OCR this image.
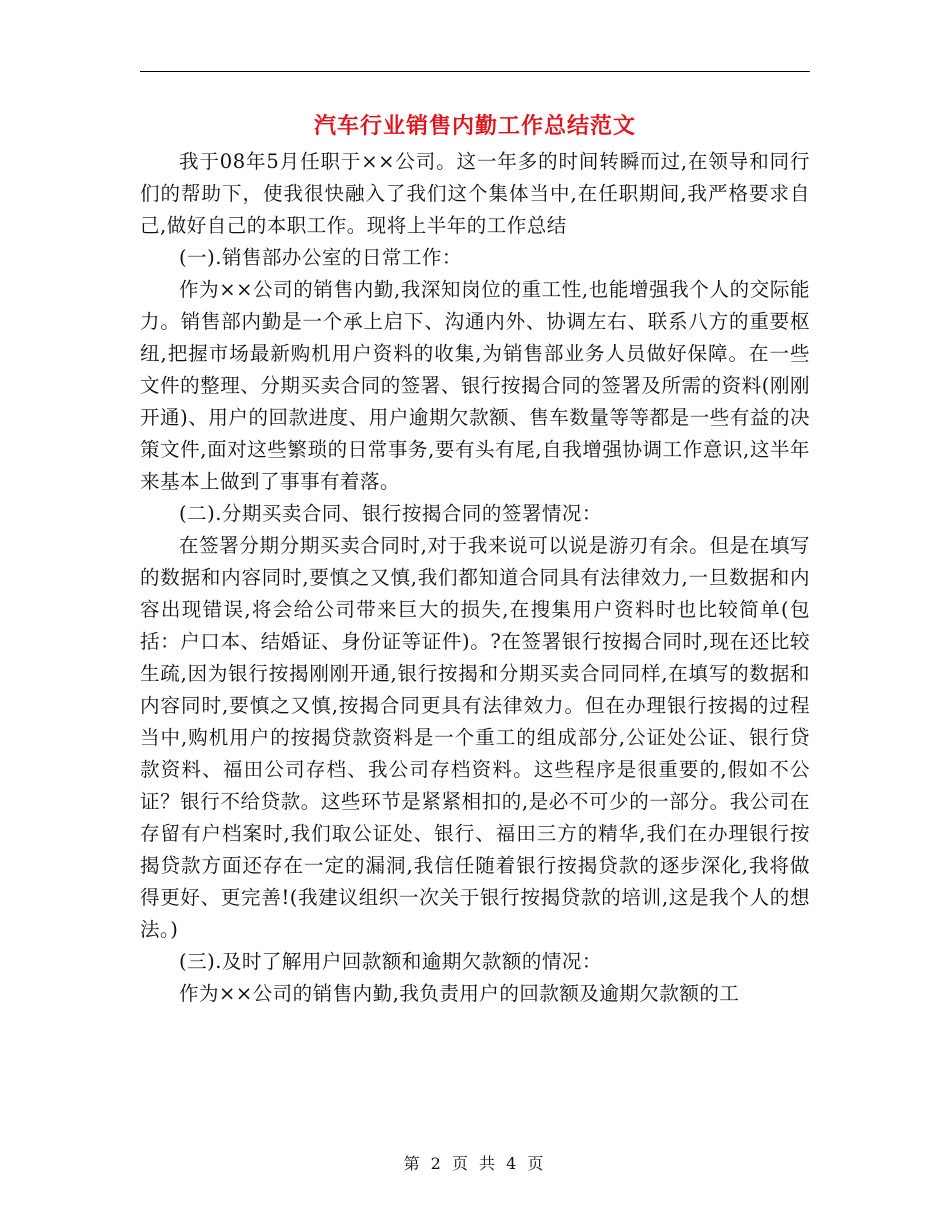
汽车行业销售内勤工作总结范文

我于08年5月任职于××公司。这一年多的时间转瞬而过,在领导和同行们的帮助下，使我很快融入了我们这个集体当中,在任职期间,我严格要求自己,做好自己的本职工作。现将上半年的工作总结

(一).销售部办公室的日常工作：

作为××公司的销售内勤,我深知岗位的重工性,也能增强我个人的交际能力。销售部内勤是一个承上启下、沟通内外、协调左右、联系八方的重要枢纽,把握市场最新购机用户资料的收集,为销售部业务人员做好保障。在一些文件的整理、分期买卖合同的签署、银行按揭合同的签署及所需的资料(刚刚开通)、用户的回款进度、用户逾期欠款额、售车数量等等都是一些有益的决策文件,面对这些繁琐的日常事务,要有头有尾,自我增强协调工作意识,这半年来基本上做到了事事有着落。

(二).分期买卖合同、银行按揭合同的签署情况：

在签署分期分期买卖合同时,对于我来说可以说是游刃有余。但是在填写的数据和内容同时,要慎之又慎,我们都知道合同具有法律效力,一旦数据和内容出现错误,将会给公司带来巨大的损失,在搜集用户资料时也比较简单(包括：户口本、结婚证、身份证等证件)。?在签署银行按揭合同时,现在还比较生疏,因为银行按揭刚刚开通,银行按揭和分期买卖合同同样,在填写的数据和内容同时,要慎之又慎,按揭合同更具有法律效力。但在办理银行按揭的过程当中,购机用户的按揭贷款资料是一个重工的组成部分,公证处公证、银行贷款资料、福田公司存档、我公司存档资料。这些程序是很重要的,假如不公证？银行不给贷款。这些环节是紧紧相扣的,是必不可少的一部分。我公司在存留有户档案时,我们取公证处、银行、福田三方的精华,我们在办理银行按揭贷款方面还存在一定的漏洞,我信任随着银行按揭贷款的逐步深化,我将做得更好、更完善!(我建议组织一次关于银行按揭贷款的培训,这是我个人的想法。)

(三).及时了解用户回款额和逾期欠款额的情况：

作为××公司的销售内勤,我负责用户的回款额及逾期欠款额的工

第 2 页 共 4 页
